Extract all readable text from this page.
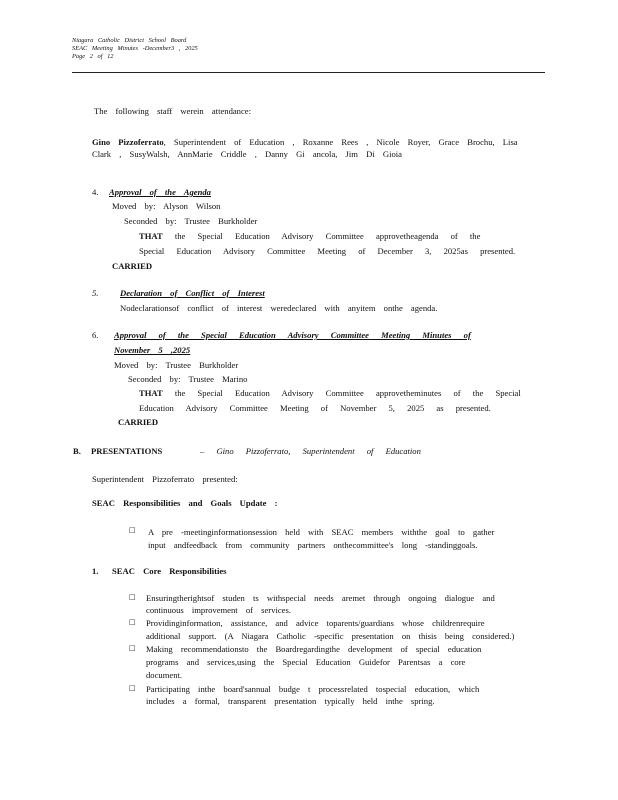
Niagara Catholic District School Board
SEAC Meeting Minutes -December3 , 2025
Page 2 of 12
The following staff werein attendance:
Gino Pizzoferrato, Superintendent of Education , Roxanne Rees , Nicole Royer, Grace Brochu, Lisa
Clark , SusyWalsh, AnnMarie Criddle , Danny Gi ancola, Jim Di Gioia
4. Approval of the Agenda
Moved by: Alyson Wilson
Seconded by: Trustee Burkholder
THAT the Special Education Advisory Committee approvetheagenda of the
Special Education Advisory Committee Meeting of December 3, 2025as presented.
CARRIED
5.	Declaration of Conflict of Interest
Nodeclarationsof conflict of interest weredeclared with anyitem onthe agenda.
6. Approval of the Special Education Advisory Committee Meeting Minutes of
November 5 ,2025
Moved by: Trustee Burkholder
Seconded by: Trustee Marino
THAT the Special Education Advisory Committee approvetheminutes of the Special
Education Advisory Committee Meeting of November 5, 2025 as presented.
CARRIED
B. PRESENTATIONS	– Gino Pizzoferrato, Superintendent of Education
Superintendent Pizzoferrato presented:
SEAC Responsibilities and Goals Update :
□ A pre -meetinginformationsession held with SEAC members withthe goal to gather
input andfeedback from community partners onthecommittee's long -standinggoals.
1. SEAC Core Responsibilities
□ Ensuringtherightsof studen ts withspecial needs aremet through ongoing dialogue and
continuous improvement of services.
□ Providinginformation, assistance, and advice toparents/guardians whose childrenrequire
additional support. (A Niagara Catholic -specific presentation on thisis being considered.)
□ Making recommendationsto the Boardregardingthe development of special education
programs and services,using the Special Education Guidefor Parentsas a core
document.
□ Participating inthe board'sannual budge t processrelated tospecial education, which
includes a formal, transparent presentation typically held inthe spring.
